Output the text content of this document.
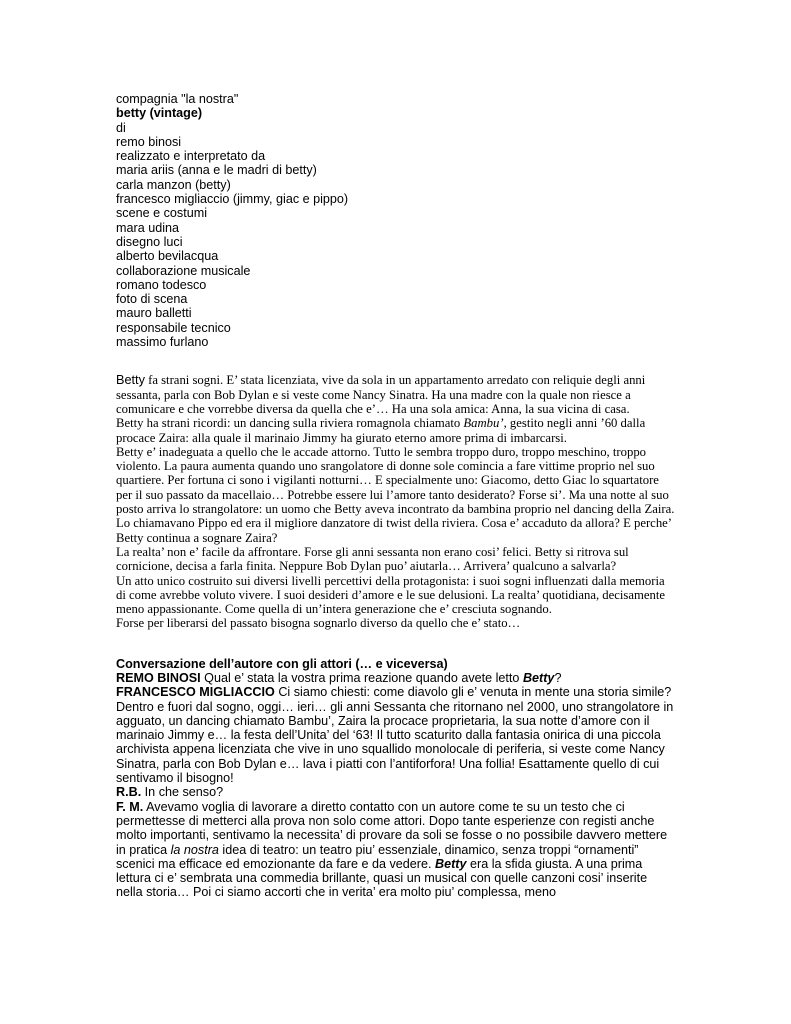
compagnia "la nostra"
betty (vintage)
di
remo binosi
realizzato e interpretato da
maria ariis (anna e le madri di betty)
carla manzon (betty)
francesco migliaccio (jimmy, giac e pippo)
scene e costumi
mara udina
disegno luci
alberto bevilacqua
collaborazione musicale
romano todesco
foto di scena
mauro balletti
responsabile tecnico
massimo furlano

Betty fa strani sogni. E’ stata licenziata, vive da sola in un appartamento arredato con reliquie degli anni sessanta, parla con Bob Dylan e si veste come Nancy Sinatra. Ha una madre con la quale non riesce a comunicare e che vorrebbe diversa da quella che e’… Ha una sola amica: Anna, la sua vicina di casa.

Betty ha strani ricordi: un dancing sulla riviera romagnola chiamato Bambu’, gestito negli anni ’60 dalla procace Zaira: alla quale il marinaio Jimmy ha giurato eterno amore prima di imbarcarsi.

Betty e’ inadeguata a quello che le accade attorno. Tutto le sembra troppo duro, troppo meschino, troppo violento. La paura aumenta quando uno srangolatore di donne sole comincia a fare vittime proprio nel suo quartiere. Per fortuna ci sono i vigilanti notturni… E specialmente uno: Giacomo, detto Giac lo squartatore per il suo passato da macellaio… Potrebbe essere lui l’amore tanto desiderato? Forse si’. Ma una notte al suo posto arriva lo strangolatore: un uomo che Betty aveva incontrato da bambina proprio nel dancing della Zaira. Lo chiamavano Pippo ed era il migliore danzatore di twist della riviera. Cosa e’ accaduto da allora? E perche’ Betty continua a sognare Zaira?

La realta’ non e’ facile da affrontare. Forse gli anni sessanta non erano cosi’ felici. Betty si ritrova sul cornicione, decisa a farla finita. Neppure Bob Dylan puo’ aiutarla… Arrivera’ qualcuno a salvarla?

Un atto unico costruito sui diversi livelli percettivi della protagonista: i suoi sogni influenzati dalla memoria di come avrebbe voluto vivere. I suoi desideri d’amore e le sue delusioni. La realta’ quotidiana, decisamente meno appassionante. Come quella di un’intera generazione che e’ cresciuta sognando.

Forse per liberarsi del passato bisogna sognarlo diverso da quello che e’ stato…

Conversazione dell’autore con gli attori (… e viceversa)

REMO BINOSI Qual e’ stata la vostra prima reazione quando avete letto Betty?

FRANCESCO MIGLIACCIO Ci siamo chiesti: come diavolo gli e’ venuta in mente una storia simile? Dentro e fuori dal sogno, oggi… ieri… gli anni Sessanta che ritornano nel 2000, uno strangolatore in agguato, un dancing chiamato Bambu’, Zaira la procace proprietaria, la sua notte d’amore con il marinaio Jimmy e… la festa dell’Unita’ del ‘63! Il tutto scaturito dalla fantasia onirica di una piccola archivista appena licenziata che vive in uno squallido monolocale di periferia, si veste come Nancy Sinatra, parla con Bob Dylan e… lava i piatti con l’antiforfora! Una follia! Esattamente quello di cui sentivamo il bisogno!

R.B. In che senso?

F. M. Avevamo voglia di lavorare a diretto contatto con un autore come te su un testo che ci permettesse di metterci alla prova non solo come attori. Dopo tante esperienze con registi anche molto importanti, sentivamo la necessita’ di provare da soli se fosse o no possibile davvero mettere in pratica la nostra idea di teatro: un teatro piu’ essenziale, dinamico, senza troppi “ornamenti” scenici ma efficace ed emozionante da fare e da vedere. Betty era la sfida giusta. A una prima lettura ci e’ sembrata una commedia brillante, quasi un musical con quelle canzoni cosi’ inserite nella storia… Poi ci siamo accorti che in verita’ era molto piu’ complessa, meno
